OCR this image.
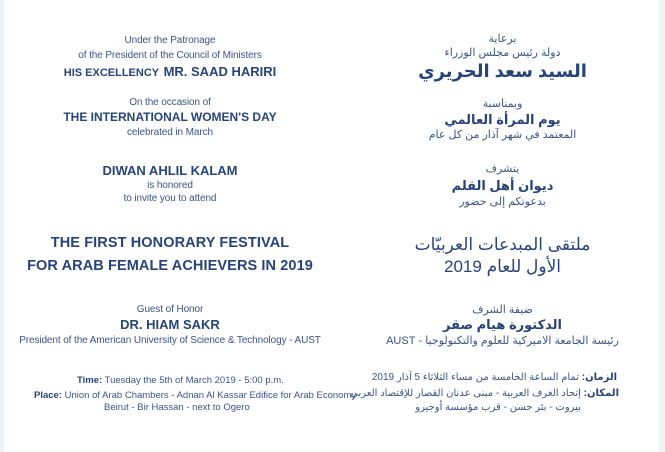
Under the Patronage
of the President of the Council of Ministers
HIS EXCELLENCY MR. SAAD HARIRI
On the occasion of
THE INTERNATIONAL WOMEN'S DAY
celebrated in March
DIWAN AHLIL KALAM
is honored
to invite you to attend
THE FIRST HONORARY FESTIVAL
FOR ARAB FEMALE ACHIEVERS IN 2019
Guest of Honor
DR. HIAM SAKR
President of the American University of Science & Technology - AUST
Time: Tuesday the 5th of March 2019 - 5:00 p.m.
Place: Union of Arab Chambers - Adnan Al Kassar Edifice for Arab Economy
Beirut - Bir Hassan - next to Ogero
برعاية
دولة رئيس مجلس الوزراء
السيد سعد الحريري
وبمناسبة
يوم المرأة العالمي
المعتمد في شهر آذار من كل عام
يتشرف
ديوان أهل القلم
بدعوتكم إلى حضور
ملتقى المبدعات العربيّات
الأول للعام 2019
ضيفة الشرف
الدكتورة هيام صقر
رئيسة الجامعة الاميركية للعلوم والتكنولوجيا - AUST
الزمان: تمام الساعة الخامسة من مساء الثلاثاء 5 آذار 2019
المكان: إتحاد الغرف العربية - مبنى عدنان القصار للإقتصاد العربي
بيروت - بئر حسن - قرب مؤسسة أوجيرو
